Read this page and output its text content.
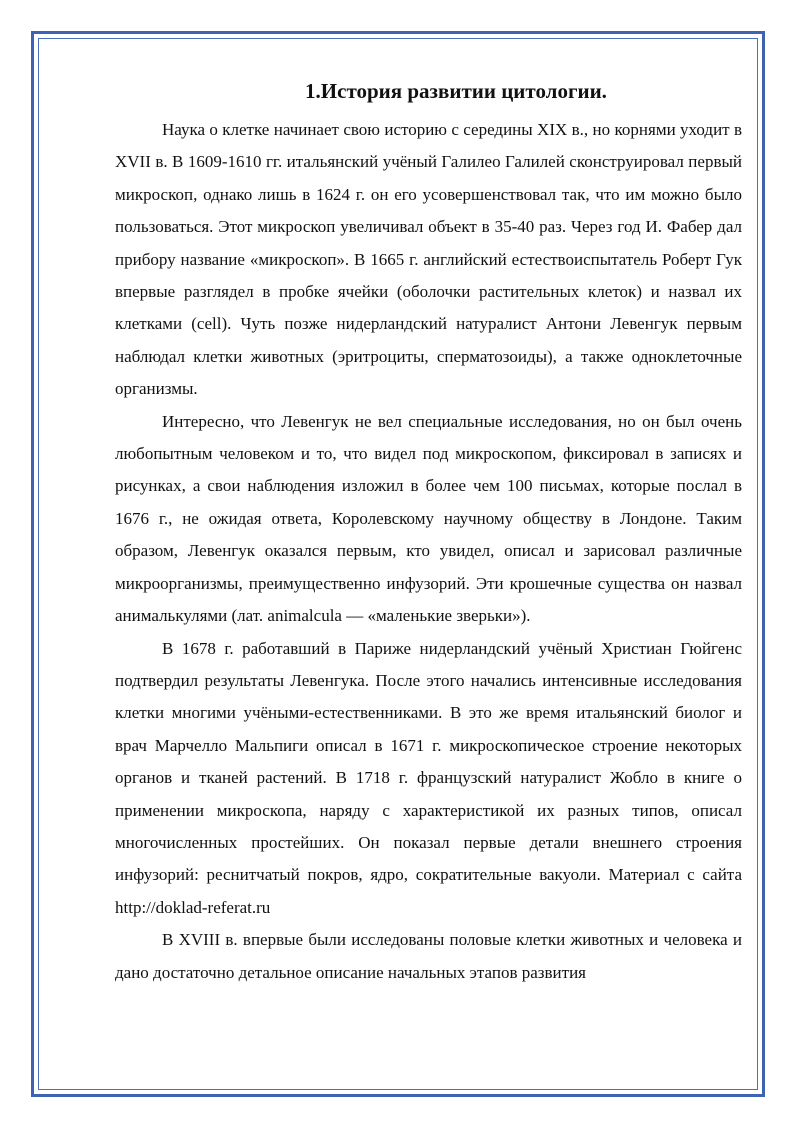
1.История развитии цитологии.

Наука о клетке начинает свою историю с середины XIX в., но корнями уходит в XVII в. В 1609-1610 гг. итальянский учёный Галилео Галилей сконструировал первый микроскоп, однако лишь в 1624 г. он его усовершенствовал так, что им можно было пользоваться. Этот микроскоп увеличивал объект в 35-40 раз. Через год И. Фабер дал прибору название «микроскоп». В 1665 г. английский естествоиспытатель Роберт Гук впервые разглядел в пробке ячейки (оболочки растительных клеток) и назвал их клетками (cell). Чуть позже нидерландский натуралист Антони Левенгук первым наблюдал клетки животных (эритроциты, сперматозоиды), а также одноклеточные организмы.

Интересно, что Левенгук не вел специальные исследования, но он был очень любопытным человеком и то, что видел под микроскопом, фиксировал в записях и рисунках, а свои наблюдения изложил в более чем 100 письмах, которые послал в 1676 г., не ожидая ответа, Королевскому научному обществу в Лондоне. Таким образом, Левенгук оказался первым, кто увидел, описал и зарисовал различные микроорганизмы, преимущественно инфузорий. Эти крошечные существа он назвал анималькулями (лат. animalcula — «маленькие зверьки»).

В 1678 г. работавший в Париже нидерландский учёный Христиан Гюйгенс подтвердил результаты Левенгука. После этого начались интенсивные исследования клетки многими учёными-естественниками. В это же время итальянский биолог и врач Марчелло Мальпиги описал в 1671 г. микроскопическое строение некоторых органов и тканей растений. В 1718 г. французский натуралист Жобло в книге о применении микроскопа, наряду с характеристикой их разных типов, описал многочисленных простейших. Он показал первые детали внешнего строения инфузорий: реснитчатый покров, ядро, сократительные вакуоли. Материал с сайта http://doklad-referat.ru

В XVIII в. впервые были исследованы половые клетки животных и человека и дано достаточно детальное описание начальных этапов развития
